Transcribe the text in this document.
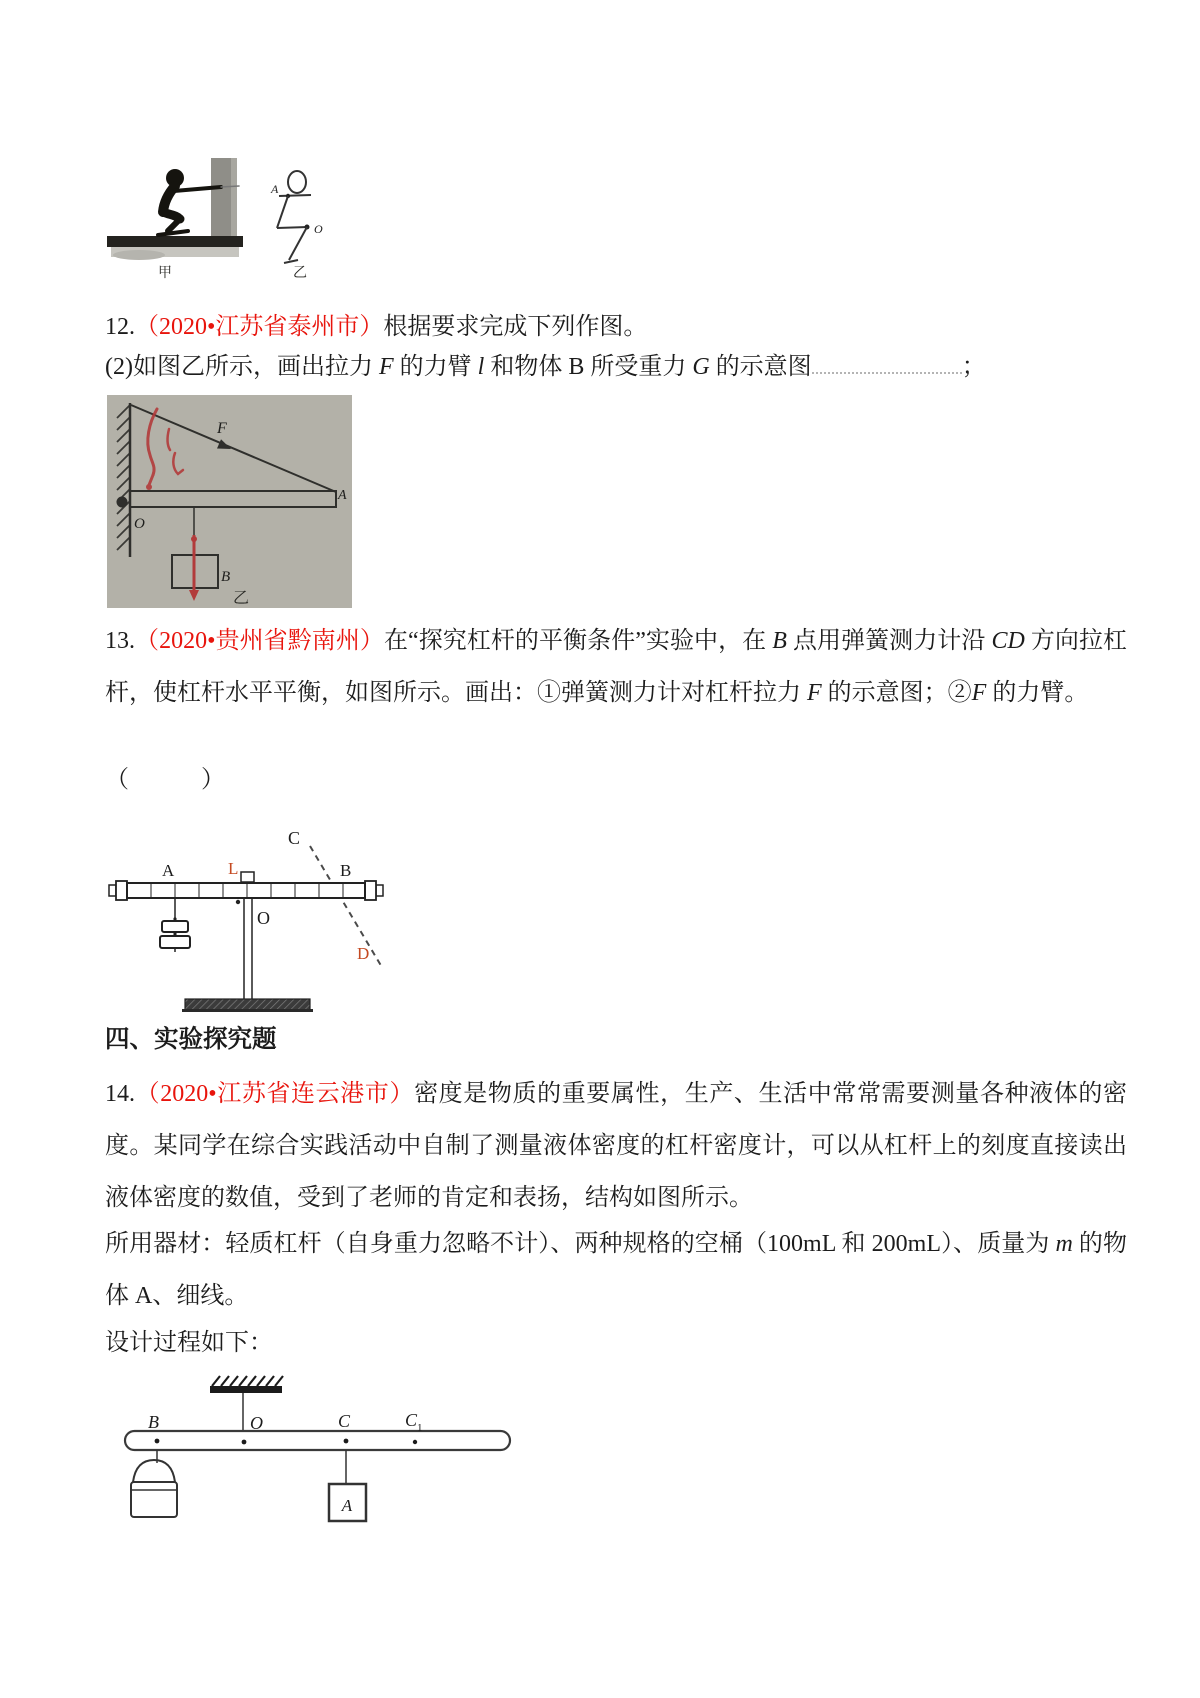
甲
A
O
乙
12.（2020•江苏省泰州市）根据要求完成下列作图。
(2)如图乙所示，画出拉力 F 的力臂 l 和物体 B 所受重力 G 的示意图	；
F
O
A
B
乙
13.（2020•贵州省黔南州）在“探究杠杆的平衡条件”实验中，在 B 点用弹簧测力计沿 CD 方向拉杠杆，使杠杆水平平衡，如图所示。画出：①弹簧测力计对杠杆拉力 F 的示意图；②F 的力臂。
（　　　）
A	L	B
C
O
D
四、实验探究题
14.（2020•江苏省连云港市）密度是物质的重要属性，生产、生活中常常需要测量各种液体的密度。某同学在综合实践活动中自制了测量液体密度的杠杆密度计，可以从杠杆上的刻度直接读出液体密度的数值，受到了老师的肯定和表扬，结构如图所示。
所用器材：轻质杠杆（自身重力忽略不计）、两种规格的空桶（100mL 和 200mL）、质量为 m 的物体 A、细线。
设计过程如下：
A
B	O	C	C 1
